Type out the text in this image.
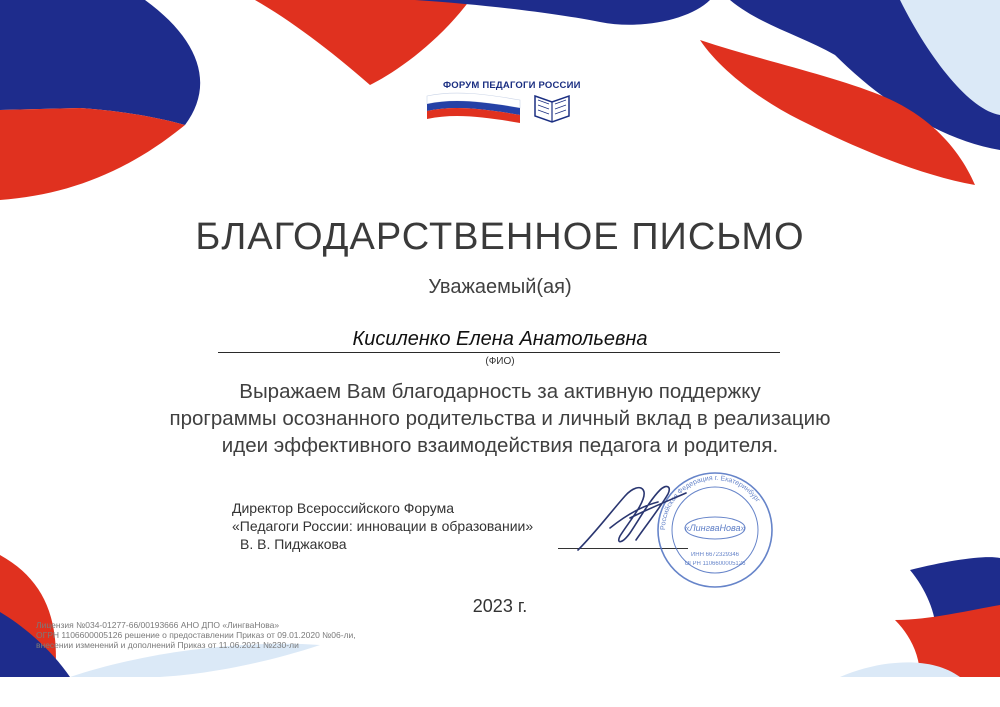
ФОРУМ ПЕДАГОГИ РОССИИ
БЛАГОДАРСТВЕННОЕ ПИСЬМО
Уважаемый(ая)
Кисиленко Елена Анатольевна
(ФИО)
Выражаем Вам благодарность за активную поддержку
программы осознанного родительства и личный вклад в реализацию
идеи эффективного взаимодействия педагога и родителя.
Директор Всероссийского Форума
«Педагоги России: инновации в образовании»
В. В. Пиджакова
Российская Федерация г. Екатеринбург
«ЛингваНова»
ИНН 6672329346
ОГРН 1106600005126
2023 г.
Лицензия №034-01277-66/00193666 АНО ДПО «ЛингваНова»
ОГРН 1106600005126 решение о предоставлении Приказ от 09.01.2020 №06-ли,
внесении изменений и дополнений Приказ от 11.06.2021 №230-ли
